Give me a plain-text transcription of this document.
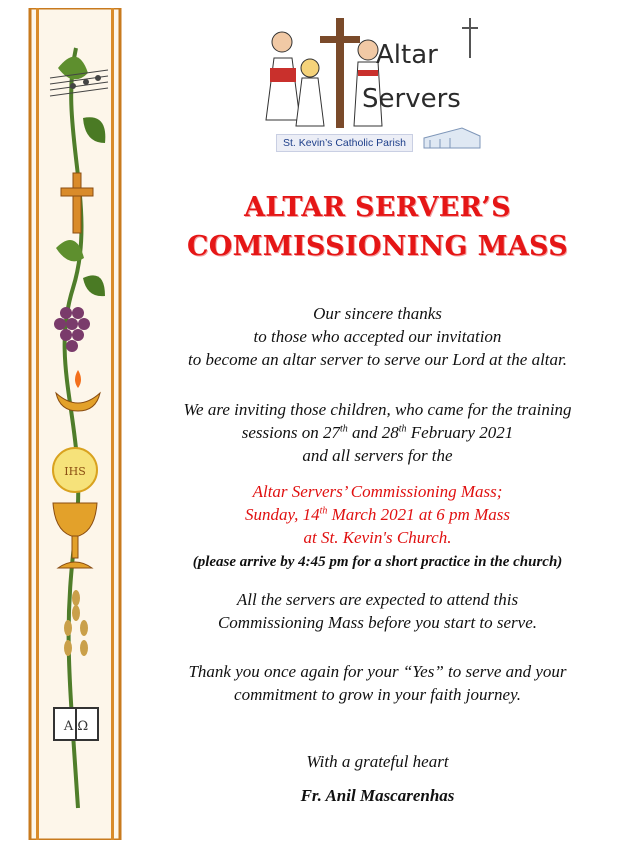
IHS
A Ω
Altar
Servers
St. Kevin’s Catholic Parish
ALTAR SERVER’S
COMMISSIONING MASS
Our sincere thanks
to those who accepted our invitation
to become an altar server to serve our Lord at the altar.
We are inviting those children, who came for the training
sessions on 27th and 28th February 2021
and all servers for the
Altar Servers’ Commissioning Mass;
Sunday, 14th March 2021 at 6 pm Mass
at St. Kevin's Church.
(please arrive by 4:45 pm for a short practice in the church)
All the servers are expected to attend this
Commissioning Mass before you start to serve.
Thank you once again for your “Yes” to serve and your
commitment to grow in your faith journey.
With a grateful heart
Fr. Anil Mascarenhas
